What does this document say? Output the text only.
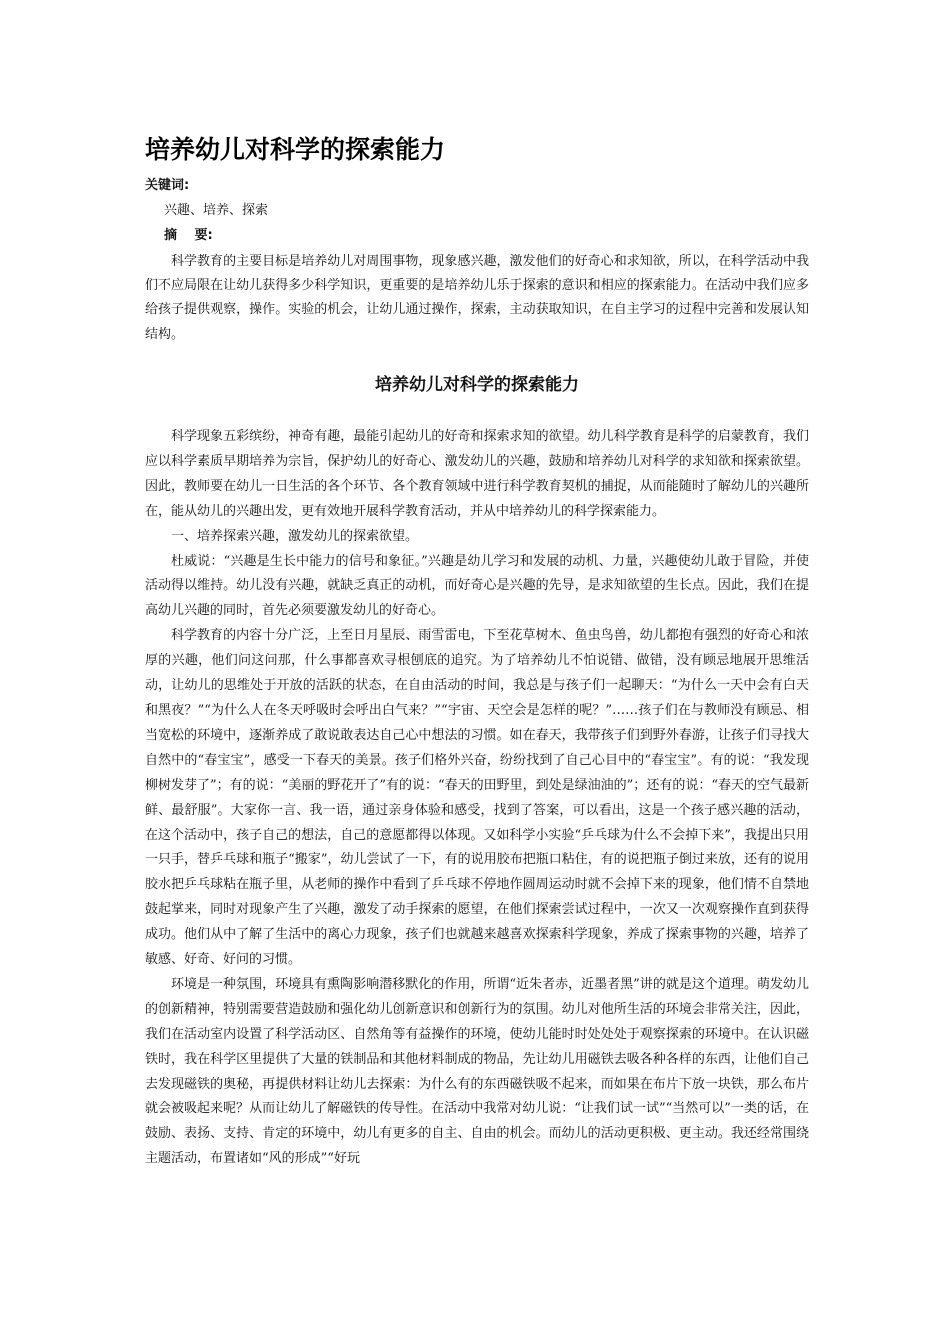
培养幼儿对科学的探索能力
关键词:
兴趣、培养、探索
摘　 要:

科学教育的主要目标是培养幼儿对周围事物，现象感兴趣，激发他们的好奇心和求知欲，所以，在科学活动中我们不应局限在让幼儿获得多少科学知识，更重要的是培养幼儿乐于探索的意识和相应的探索能力。在活动中我们应多给孩子提供观察，操作。实验的机会，让幼儿通过操作，探索，主动获取知识，在自主学习的过程中完善和发展认知结构。

培养幼儿对科学的探索能力

科学现象五彩缤纷，神奇有趣，最能引起幼儿的好奇和探索求知的欲望。幼儿科学教育是科学的启蒙教育，我们应以科学素质早期培养为宗旨，保护幼儿的好奇心、激发幼儿的兴趣，鼓励和培养幼儿对科学的求知欲和探索欲望。因此，教师要在幼儿一日生活的各个环节、各个教育领域中进行科学教育契机的捕捉，从而能随时了解幼儿的兴趣所在，能从幼儿的兴趣出发，更有效地开展科学教育活动，并从中培养幼儿的科学探索能力。

一、培养探索兴趣，激发幼儿的探索欲望。

杜威说：“兴趣是生长中能力的信号和象征。”兴趣是幼儿学习和发展的动机、力量，兴趣使幼儿敢于冒险，并使活动得以维持。幼儿没有兴趣，就缺乏真正的动机，而好奇心是兴趣的先导，是求知欲望的生长点。因此，我们在提高幼儿兴趣的同时，首先必须要激发幼儿的好奇心。

科学教育的内容十分广泛，上至日月星辰、雨雪雷电，下至花草树木、鱼虫鸟兽，幼儿都抱有强烈的好奇心和浓厚的兴趣，他们问这问那，什么事都喜欢寻根刨底的追究。为了培养幼儿不怕说错、做错，没有顾忌地展开思维活动，让幼儿的思维处于开放的活跃的状态，在自由活动的时间，我总是与孩子们一起聊天：“为什么一天中会有白天和黑夜？”“为什么人在冬天呼吸时会呼出白气来？”“宇宙、天空会是怎样的呢？”……孩子们在与教师没有顾忌、相当宽松的环境中，逐渐养成了敢说敢表达自己心中想法的习惯。如在春天，我带孩子们到野外春游，让孩子们寻找大自然中的“春宝宝”，感受一下春天的美景。孩子们格外兴奋，纷纷找到了自己心目中的“春宝宝”。有的说：“我发现柳树发芽了”；有的说：“美丽的野花开了”有的说：“春天的田野里，到处是绿油油的”；还有的说：“春天的空气最新鲜、最舒服”。大家你一言、我一语，通过亲身体验和感受，找到了答案，可以看出，这是一个孩子感兴趣的活动，在这个活动中，孩子自己的想法，自己的意愿都得以体现。又如科学小实验“乒乓球为什么不会掉下来”，我提出只用一只手，替乒乓球和瓶子“搬家”，幼儿尝试了一下，有的说用胶布把瓶口粘住，有的说把瓶子倒过来放，还有的说用胶水把乒乓球粘在瓶子里，从老师的操作中看到了乒乓球不停地作圆周运动时就不会掉下来的现象，他们情不自禁地鼓起掌来，同时对现象产生了兴趣，激发了动手探索的愿望，在他们探索尝试过程中，一次又一次观察操作直到获得成功。他们从中了解了生活中的离心力现象，孩子们也就越来越喜欢探索科学现象，养成了探索事物的兴趣，培养了敏感、好奇、好问的习惯。

环境是一种氛围，环境具有熏陶影响潜移默化的作用，所谓“近朱者赤，近墨者黑”讲的就是这个道理。萌发幼儿的创新精神，特别需要营造鼓励和强化幼儿创新意识和创新行为的氛围。幼儿对他所生活的环境会非常关注，因此，我们在活动室内设置了科学活动区、自然角等有益操作的环境，使幼儿能时时处处处于观察探索的环境中。在认识磁铁时，我在科学区里提供了大量的铁制品和其他材料制成的物品，先让幼儿用磁铁去吸各种各样的东西，让他们自己去发现磁铁的奥秘，再提供材料让幼儿去探索：为什么有的东西磁铁吸不起来，而如果在布片下放一块铁，那么布片就会被吸起来呢？从而让幼儿了解磁铁的传导性。在活动中我常对幼儿说：“让我们试一试”“当然可以”一类的话，在鼓励、表扬、支持、肯定的环境中，幼儿有更多的自主、自由的机会。而幼儿的活动更积极、更主动。我还经常围绕主题活动，布置诸如“风的形成”“好玩
